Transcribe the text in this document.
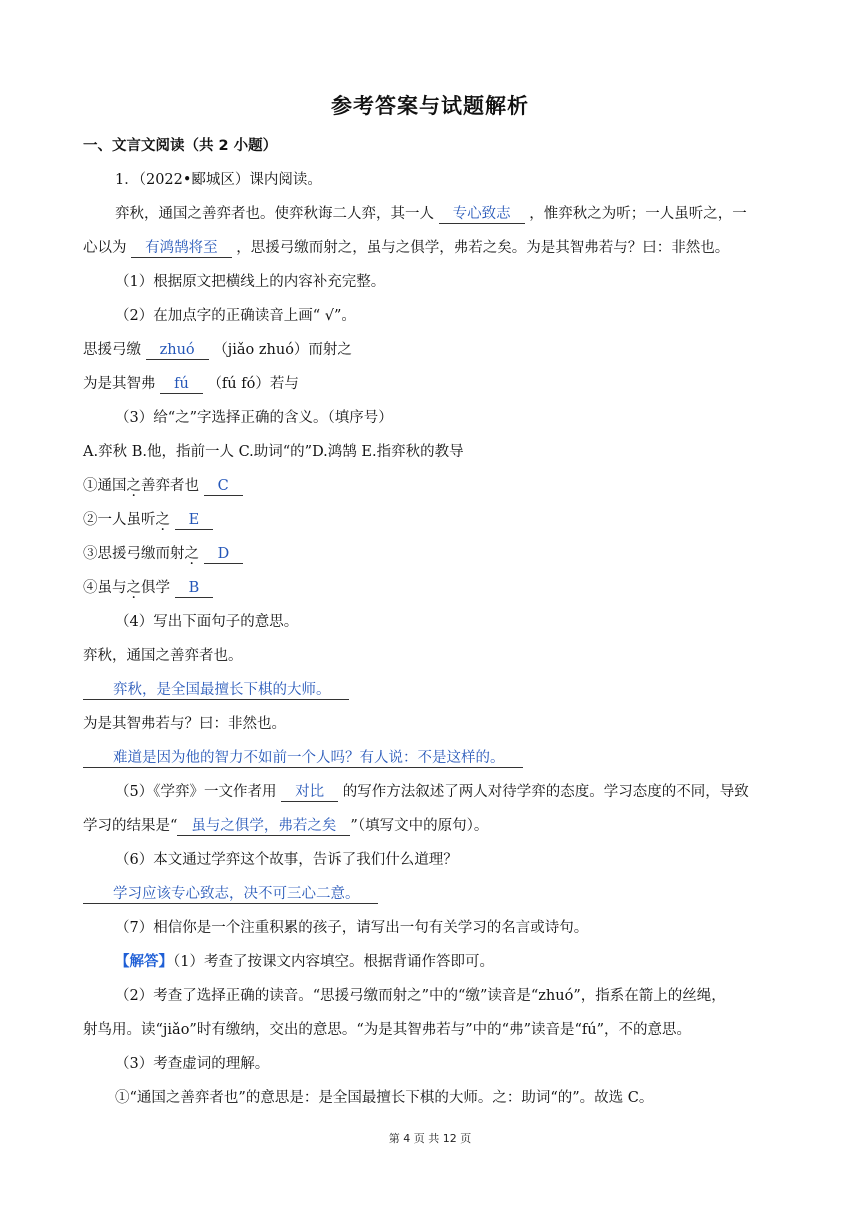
参考答案与试题解析
一、文言文阅读（共 2 小题）
1．（2022•郾城区）课内阅读。
弈秋，通国之善弈者也。使弈秋诲二人弈，其一人 专心致志 ，惟弈秋之为听；一人虽听之，一
心以为 有鸿鹄将至 ，思援弓缴而射之，虽与之俱学，弗若之矣。为是其智弗若与？曰：非然也。
（1）根据原文把横线上的内容补充完整。
（2）在加点字的正确读音上画“ √”。
思援弓缴 zhuó （jiǎo zhuó）而射之
为是其智弗 fú （fú fó）若与
（3）给“之”字选择正确的含义。（填序号）
A.弈秋 B.他，指前一人 C.助词“的”D.鸿鹄 E.指弈秋的教导
①通国之善弈者也 C
②一人虽听之 E
③思援弓缴而射之 D
④虽与之俱学 B
（4）写出下面句子的意思。
弈秋，通国之善弈者也。
弈秋，是全国最擅长下棋的大师。
为是其智弗若与？曰：非然也。
难道是因为他的智力不如前一个人吗？有人说：不是这样的。
（5）《学弈》一文作者用 对比 的写作方法叙述了两人对待学弈的态度。学习态度的不同，导致
学习的结果是“ 虽与之俱学，弗若之矣 ”（填写文中的原句）。
（6）本文通过学弈这个故事，告诉了我们什么道理？
学习应该专心致志，决不可三心二意。
（7）相信你是一个注重积累的孩子，请写出一句有关学习的名言或诗句。
【解答】（1）考查了按课文内容填空。根据背诵作答即可。
（2）考查了选择正确的读音。“思援弓缴而射之”中的“缴”读音是“zhuó”，指系在箭上的丝绳，
射鸟用。读“jiǎo”时有缴纳，交出的意思。“为是其智弗若与”中的“弗”读音是“fú”，不的意思。
（3）考查虚词的理解。
①“通国之善弈者也”的意思是：是全国最擅长下棋的大师。之：助词“的”。故选 C。
第 4 页 共 12 页
